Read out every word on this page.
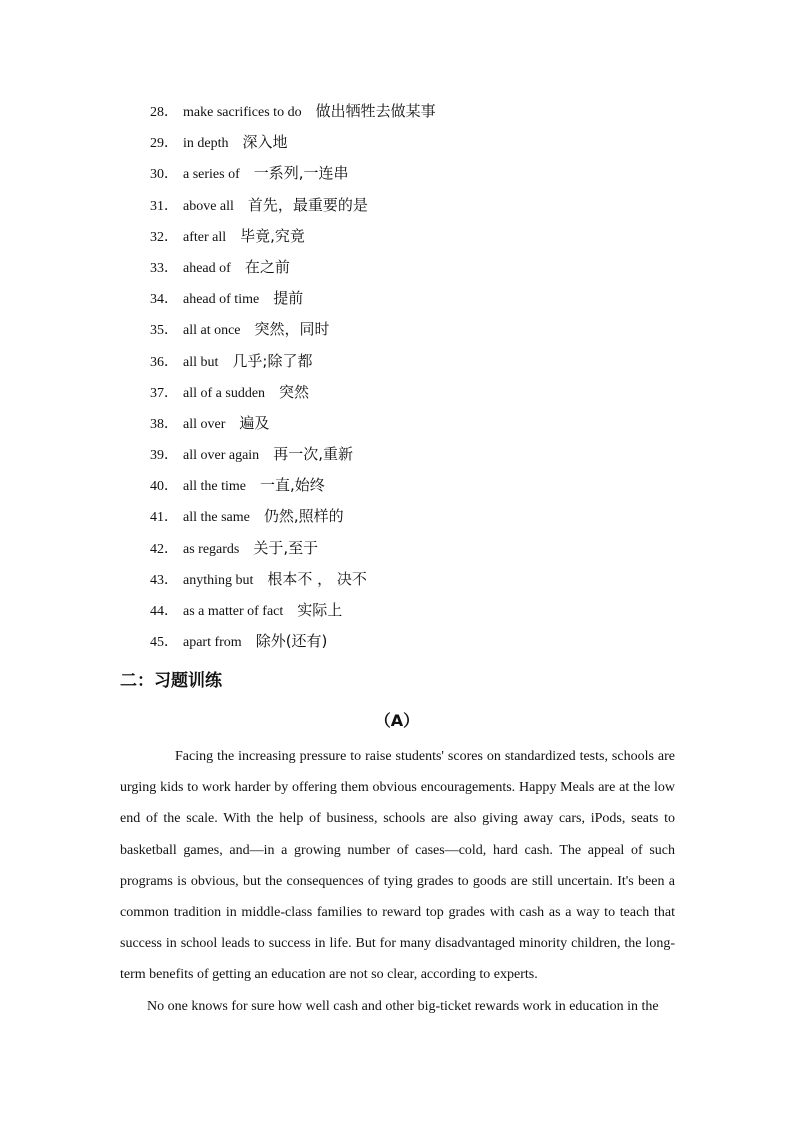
28． make sacrifices to do 做出牺牲去做某事
29． in depth 深入地
30． a series of 一系列,一连串
31． above all 首先，最重要的是
32． after all 毕竟,究竟
33． ahead of 在之前
34． ahead of time 提前
35． all at once 突然，同时
36． all but 几乎;除了都
37． all of a sudden 突然
38． all over 遍及
39． all over again 再一次,重新
40． all the time 一直,始终
41． all the same 仍然,照样的
42． as regards 关于,至于
43． anything but 根本不 ， 决不
44． as a matter of fact 实际上
45． apart from 除外(还有)
二：习题训练
（A）

Facing the increasing pressure to raise students' scores on standardized tests, schools are urging kids to work harder by offering them obvious encouragements. Happy Meals are at the low end of the scale. With the help of business, schools are also giving away cars, iPods, seats to basketball games, and—in a growing number of cases—cold, hard cash. The appeal of such programs is obvious, but the consequences of tying grades to goods are still uncertain. It's been a common tradition in middle-class families to reward top grades with cash as a way to teach that success in school leads to success in life. But for many disadvantaged minority children, the long-term benefits of getting an education are not so clear, according to experts.

No one knows for sure how well cash and other big-ticket rewards work in education in the
